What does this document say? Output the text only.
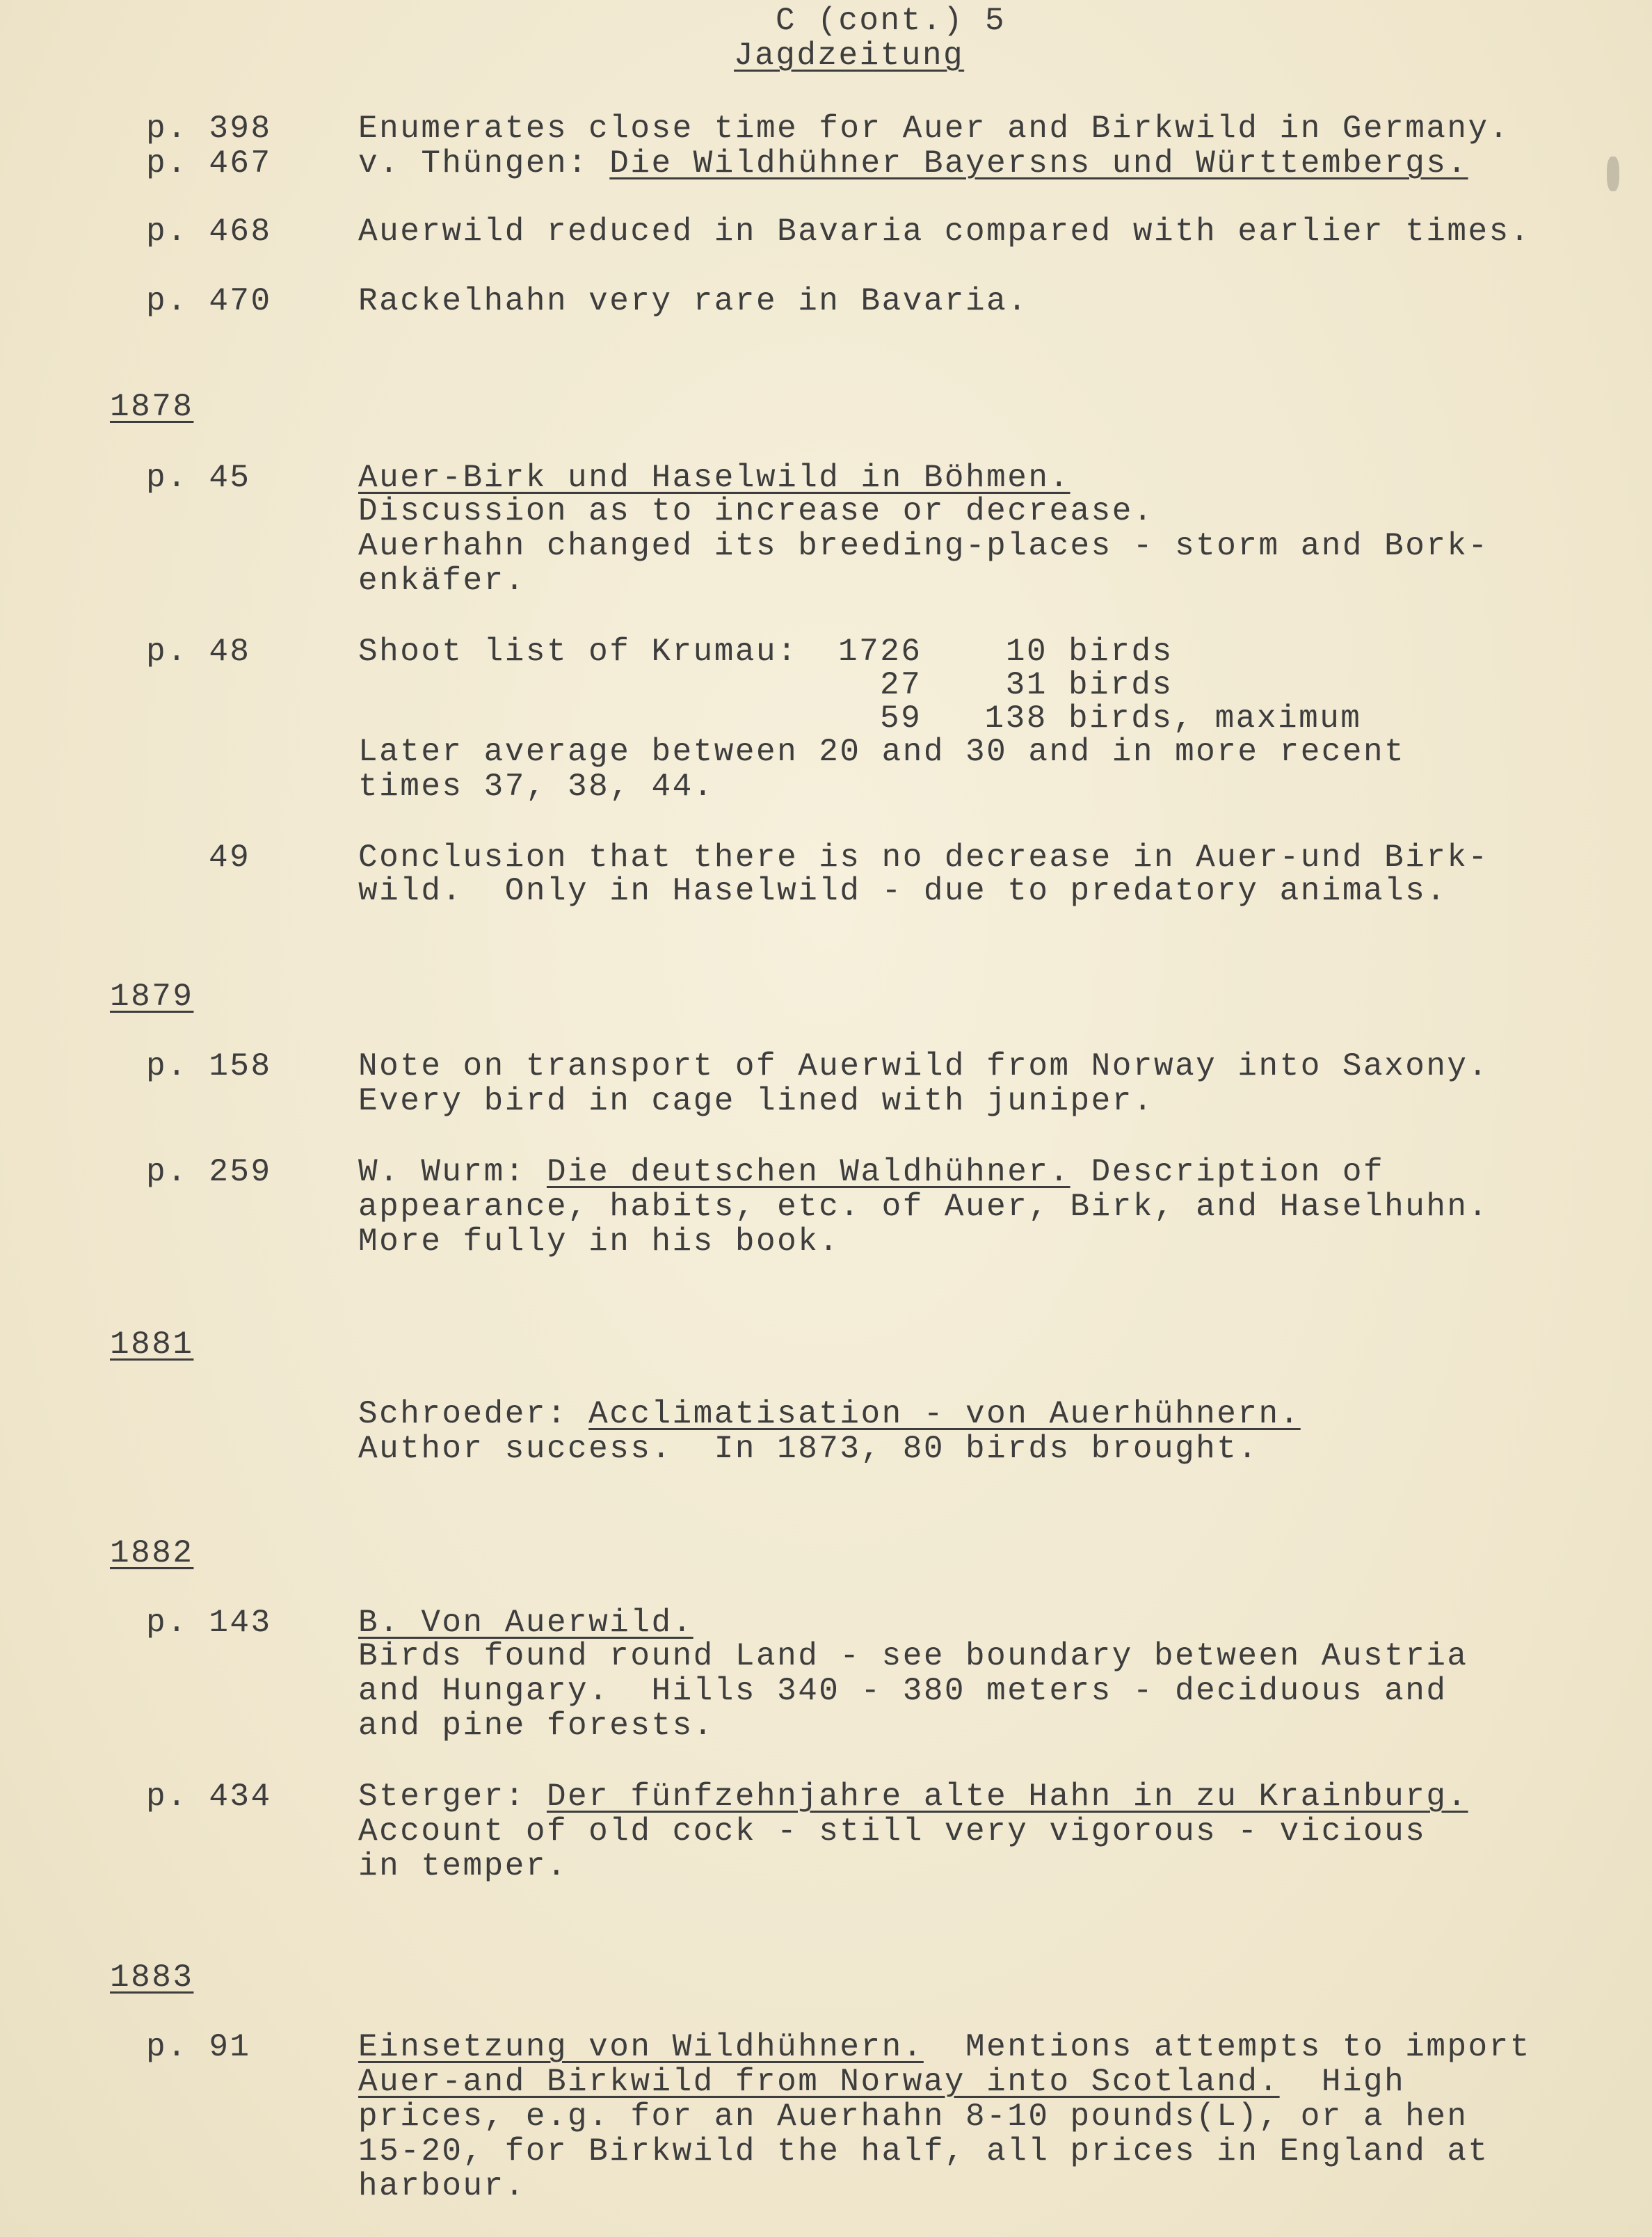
C (cont.) 5
Jagdzeitung
p. 398	Enumerates close time for Auer and Birkwild in Germany.
p. 467	v. Thüngen: Die Wildhühner Bayersns und Württembergs.
p. 468	Auerwild reduced in Bavaria compared with earlier times.
p. 470	Rackelhahn very rare in Bavaria.
1878
p. 45	Auer-Birk und Haselwild in Böhmen.
Discussion as to increase or decrease.
Auerhahn changed its breeding-places - storm and Bork-
enkäfer.
p. 48	Shoot list of Krumau: 1726    10 birds
27    31 birds
59   138 birds, maximum
Later average between 20 and 30 and in more recent
times 37, 38, 44.
49	Conclusion that there is no decrease in Auer-und Birk-
wild.  Only in Haselwild - due to predatory animals.
1879
p. 158	Note on transport of Auerwild from Norway into Saxony.
Every bird in cage lined with juniper.
p. 259	W. Wurm: Die deutschen Waldhühner. Description of
appearance, habits, etc. of Auer, Birk, and Haselhuhn.
More fully in his book.
1881
Schroeder: Acclimatisation - von Auerhühnern.
Author success.  In 1873, 80 birds brought.
1882
p. 143	B. Von Auerwild.
Birds found round Land - see boundary between Austria
and Hungary.  Hills 340 - 380 meters - deciduous and
and pine forests.
p. 434	Sterger: Der fünfzehnjahre alte Hahn in zu Krainburg.
Account of old cock - still very vigorous - vicious
in temper.
1883
p. 91	Einsetzung von Wildhühnern.  Mentions attempts to import
Auer-and Birkwild from Norway into Scotland.  High
prices, e.g. for an Auerhahn 8-10 pounds(L), or a hen
15-20, for Birkwild the half, all prices in England at
harbour.
